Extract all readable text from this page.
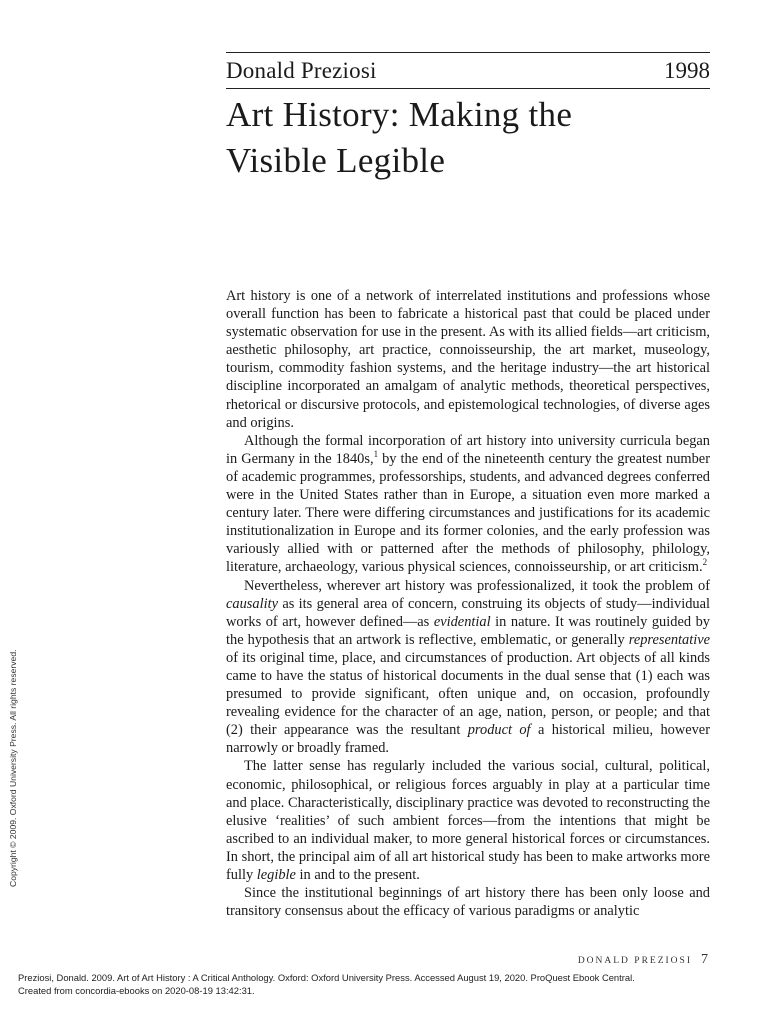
Donald Preziosi	1998
Art History: Making the
Visible Legible

Art history is one of a network of interrelated institutions and professions whose overall function has been to fabricate a historical past that could be placed under systematic observation for use in the present. As with its allied fields—art criticism, aesthetic philosophy, art practice, connoisseurship, the art market, museology, tourism, commodity fashion systems, and the heritage industry—the art historical discipline incorporated an amalgam of analytic methods, theoretical perspectives, rhetorical or discursive protocols, and epistemological technologies, of diverse ages and origins.

Although the formal incorporation of art history into university curricula began in Germany in the 1840s,$^1$ by the end of the nineteenth century the greatest number of academic programmes, professorships, students, and advanced degrees conferred were in the United States rather than in Europe, a situation even more marked a century later. There were differing circumstances and justifications for its academic institutionalization in Europe and its former colonies, and the early profession was variously allied with or patterned after the methods of philosophy, philology, literature, archaeology, various physical sciences, connoisseurship, or art criticism.$^2$

Nevertheless, wherever art history was professionalized, it took the problem of causality as its general area of concern, construing its objects of study—individual works of art, however defined—as evidential in nature. It was routinely guided by the hypothesis that an artwork is reflective, emblematic, or generally representative of its original time, place, and circumstances of production. Art objects of all kinds came to have the status of historical documents in the dual sense that (1) each was presumed to provide significant, often unique and, on occasion, profoundly revealing evidence for the character of an age, nation, person, or people; and that (2) their appearance was the resultant product of a historical milieu, however narrowly or broadly framed.

The latter sense has regularly included the various social, cultural, political, economic, philosophical, or religious forces arguably in play at a particular time and place. Characteristically, disciplinary practice was devoted to reconstructing the elusive ‘realities’ of such ambient forces—from the intentions that might be ascribed to an individual maker, to more general historical forces or circumstances. In short, the principal aim of all art historical study has been to make artworks more fully legible in and to the present.

Since the institutional beginnings of art history there has been only loose and transitory consensus about the efficacy of various paradigms or analytic

Copyright © 2009. Oxford University Press. All rights reserved.
DONALD PREZIOSI 7
Preziosi, Donald. 2009. Art of Art History : A Critical Anthology. Oxford: Oxford University Press. Accessed August 19, 2020. ProQuest Ebook Central.
Created from concordia-ebooks on 2020-08-19 13:42:31.
